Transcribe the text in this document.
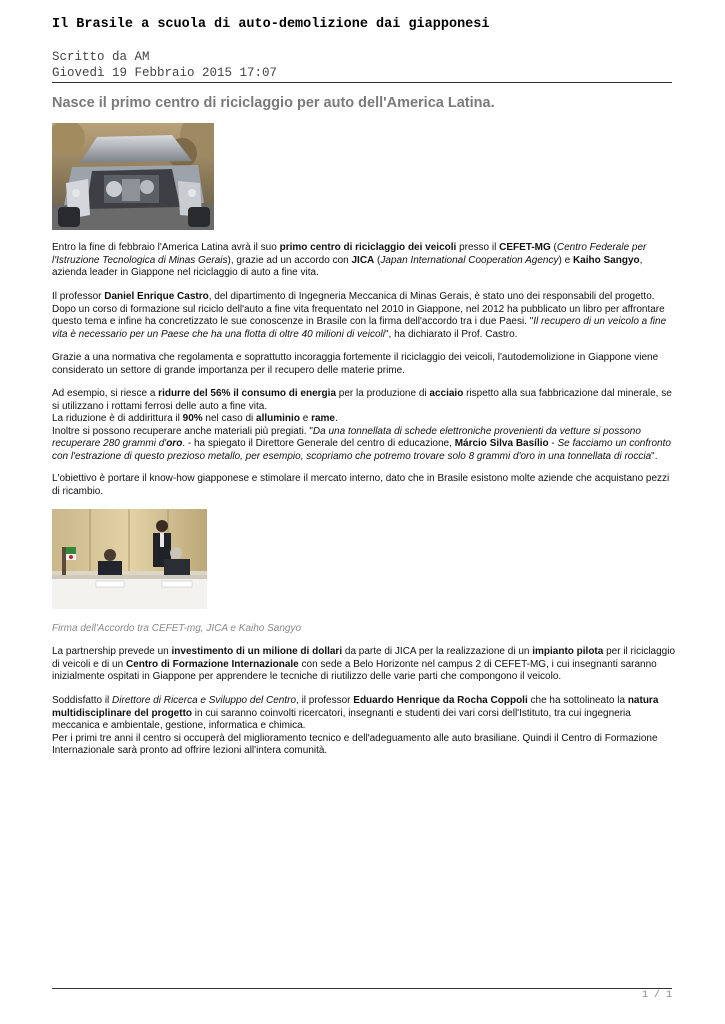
Il Brasile a scuola di auto-demolizione dai giapponesi
Scritto da AM
Giovedì 19 Febbraio 2015 17:07
Nasce il primo centro di riciclaggio per auto dell'America Latina.

Entro la fine di febbraio l'America Latina avrà il suo primo centro di riciclaggio dei veicoli presso il CEFET-MG (Centro Federale per l'Istruzione Tecnologica di Minas Gerais), grazie ad un accordo con JICA (Japan International Cooperation Agency) e Kaiho Sangyo, azienda leader in Giappone nel riciclaggio di auto a fine vita.

Il professor Daniel Enrique Castro, del dipartimento di Ingegneria Meccanica di Minas Gerais, è stato uno dei responsabili del progetto. Dopo un corso di formazione sul riciclo dell'auto a fine vita frequentato nel 2010 in Giappone, nel 2012 ha pubblicato un libro per affrontare questo tema e infine ha concretizzato le sue conoscenze in Brasile con la firma dell'accordo tra i due Paesi. "Il recupero di un veicolo a fine vita è necessario per un Paese che ha una flotta di oltre 40 milioni di veicoli", ha dichiarato il Prof. Castro.

Grazie a una normativa che regolamenta e soprattutto incoraggia fortemente il riciclaggio dei veicoli, l'autodemolizione in Giappone viene considerato un settore di grande importanza per il recupero delle materie prime.

Ad esempio, si riesce a ridurre del 56% il consumo di energia per la produzione di acciaio rispetto alla sua fabbricazione dal minerale, se si utilizzano i rottami ferrosi delle auto a fine vita.
La riduzione è di addirittura il 90% nel caso di alluminio e rame.
Inoltre si possono recuperare anche materiali più pregiati. "Da una tonnellata di schede elettroniche provenienti da vetture si possono recuperare 280 grammi d'oro. - ha spiegato il Direttore Generale del centro di educazione, Márcio Silva Basílio - Se facciamo un confronto con l'estrazione di questo prezioso metallo, per esempio, scopriamo che potremo trovare solo 8 grammi d'oro in una tonnellata di roccia".

L'obiettivo è portare il know-how giapponese e stimolare il mercato interno, dato che in Brasile esistono molte aziende che acquistano pezzi di ricambio.

Firma dell'Accordo tra CEFET-mg, JICA e Kaiho Sangyo

La partnership prevede un investimento di un milione di dollari da parte di JICA per la realizzazione di un impianto pilota per il riciclaggio di veicoli e di un Centro di Formazione Internazionale con sede a Belo Horizonte nel campus 2 di CEFET-MG, i cui insegnanti saranno inizialmente ospitati in Giappone per apprendere le tecniche di riutilizzo delle varie parti che compongono il veicolo.

Soddisfatto il Direttore di Ricerca e Sviluppo del Centro, il professor Eduardo Henrique da Rocha Coppoli che ha sottolineato la natura multidisciplinare del progetto in cui saranno coinvolti ricercatori, insegnanti e studenti dei vari corsi dell'Istituto, tra cui ingegneria meccanica e ambientale, gestione, informatica e chimica.
Per i primi tre anni il centro si occuperà del miglioramento tecnico e dell'adeguamento alle auto brasiliane. Quindi il Centro di Formazione Internazionale sarà pronto ad offrire lezioni all'intera comunità.

1 / 1
